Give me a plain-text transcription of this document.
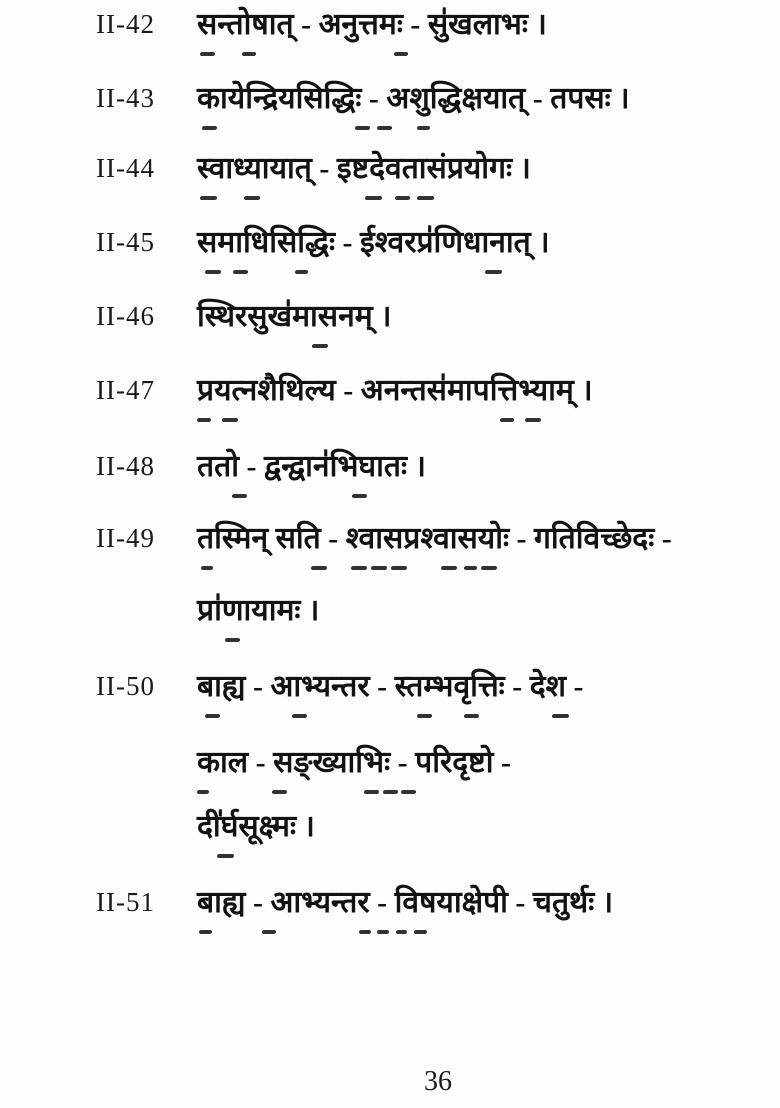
II-42 सन्तोषात् - अनुत्तमः - सु॑खलाभः ।
II-43 कायेन्द्रियसिद्धिः - अशुद्धिक्षयात् - तपसः ।
II-44 स्वाध्यायात् - इष्टदेवतासंप्रयोगः ।
II-45 समाधिसिद्धिः - ईश्वरप्र॑णिधानात् ।
II-46 स्थिरसुख॑मासनम् ।
II-47 प्रयत्नशैथिल्य - अनन्तस॑मापत्तिभ्याम् ।
II-48 ततो - द्वन्द्वान॑भिघातः ।
II-49 तस्मिन् सति - श्वासप्रश्वासयोः - गतिविच्छेदः -
प्रा॑णायामः ।
II-50 बाह्य - आभ्यन्तर - स्तम्भवृत्तिः - देश -
काल - सङ्ख्याभिः - परिदृष्टो -
दी॑र्घसूक्ष्मः ।
II-51 बाह्य - आभ्यन्तर - विषयाक्षेपी - चतुर्थः ।
36
